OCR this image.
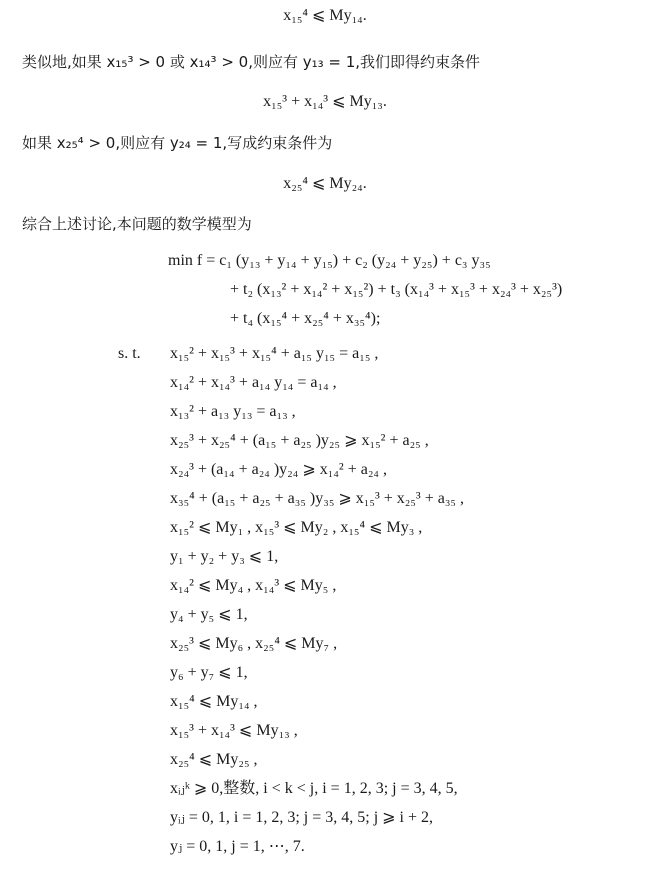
x₁₅⁴ ⩽ My₁₄.
类似地,如果 x₁₅³ > 0 或 x₁₄³ > 0,则应有 y₁₃ = 1,我们即得约束条件
x₁₅³ + x₁₄³ ⩽ My₁₃.
如果 x₂₅⁴ > 0,则应有 y₂₄ = 1,写成约束条件为
x₂₅⁴ ⩽ My₂₄.
综合上述讨论,本问题的数学模型为
min f = c₁ (y₁₃ + y₁₄ + y₁₅) + c₂ (y₂₄ + y₂₅) + c₃ y₃₅
+ t₂ (x₁₃² + x₁₄² + x₁₅²) + t₃ (x₁₄³ + x₁₅³ + x₂₄³ + x₂₅³)
+ t₄ (x₁₅⁴ + x₂₅⁴ + x₃₅⁴);
s. t. x₁₅² + x₁₅³ + x₁₅⁴ + a₁₅ y₁₅ = a₁₅ ,
x₁₄² + x₁₄³ + a₁₄ y₁₄ = a₁₄ ,
x₁₃² + a₁₃ y₁₃ = a₁₃ ,
x₂₅³ + x₂₅⁴ + (a₁₅ + a₂₅ )y₂₅ ⩾ x₁₅² + a₂₅ ,
x₂₄³ + (a₁₄ + a₂₄ )y₂₄ ⩾ x₁₄² + a₂₄ ,
x₃₅⁴ + (a₁₅ + a₂₅ + a₃₅ )y₃₅ ⩾ x₁₅³ + x₂₅³ + a₃₅ ,
x₁₅² ⩽ My₁ , x₁₅³ ⩽ My₂ , x₁₅⁴ ⩽ My₃ ,
y₁ + y₂ + y₃ ⩽ 1,
x₁₄² ⩽ My₄ , x₁₄³ ⩽ My₅ ,
y₄ + y₅ ⩽ 1,
x₂₅³ ⩽ My₆ , x₂₅⁴ ⩽ My₇ ,
y₆ + y₇ ⩽ 1,
x₁₅⁴ ⩽ My₁₄ ,
x₁₅³ + x₁₄³ ⩽ My₁₃ ,
x₂₅⁴ ⩽ My₂₅ ,
xᵢⱼᵏ ⩾ 0,整数, i < k < j, i = 1, 2, 3; j = 3, 4, 5,
yᵢⱼ = 0, 1, i = 1, 2, 3; j = 3, 4, 5; j ⩾ i + 2,
yⱼ = 0, 1, j = 1, ⋯, 7.
